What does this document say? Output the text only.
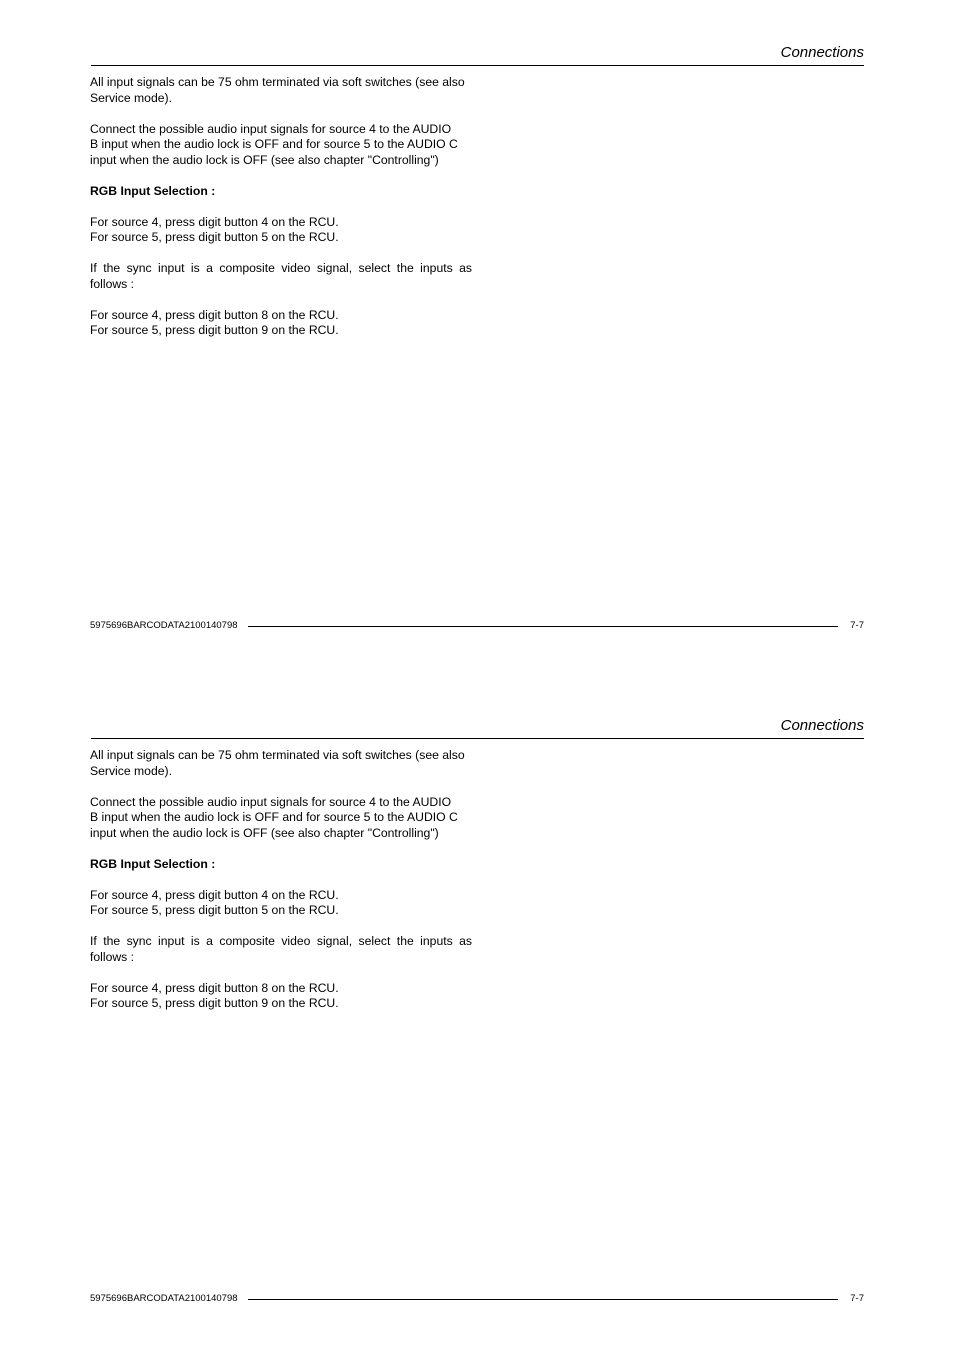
Connections

All input signals can be 75 ohm terminated via soft switches (see also
Service mode).

Connect the possible audio input signals for source 4 to the AUDIO
B input when the audio lock is OFF and for source 5 to the AUDIO C
input when the audio lock is OFF (see also chapter "Controlling")

RGB Input Selection :

For source 4, press digit button 4 on the RCU.
For source 5, press digit button 5 on the RCU.

If the sync input is a composite video signal, select the inputs as follows :

For source 4, press digit button 8 on the RCU.
For source 5, press digit button 9 on the RCU.

5975696BARCODATA2100140798	7-7
Connections

All input signals can be 75 ohm terminated via soft switches (see also
Service mode).

Connect the possible audio input signals for source 4 to the AUDIO
B input when the audio lock is OFF and for source 5 to the AUDIO C
input when the audio lock is OFF (see also chapter "Controlling")

RGB Input Selection :

For source 4, press digit button 4 on the RCU.
For source 5, press digit button 5 on the RCU.

If the sync input is a composite video signal, select the inputs as follows :

For source 4, press digit button 8 on the RCU.
For source 5, press digit button 9 on the RCU.

5975696BARCODATA2100140798	7-7
